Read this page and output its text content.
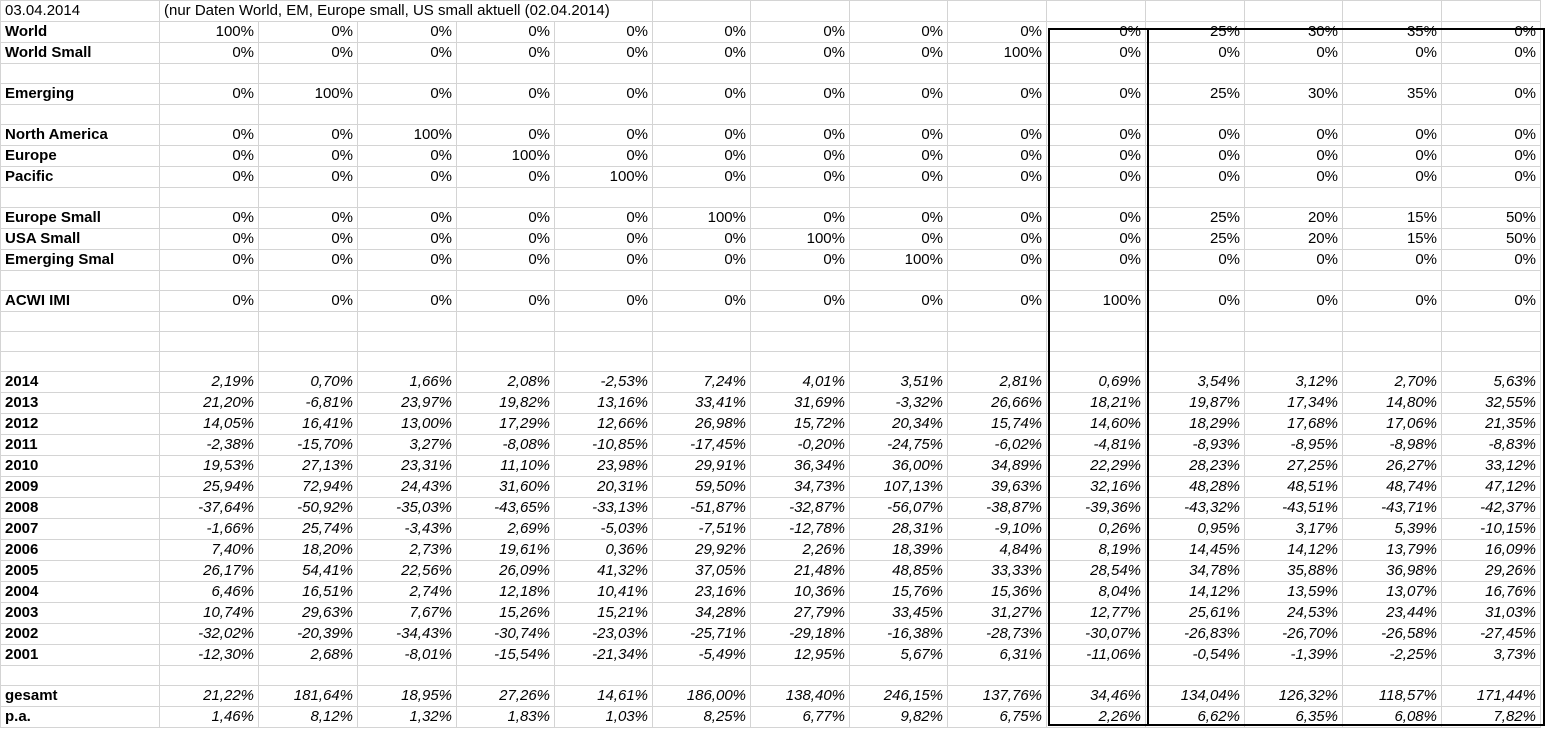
03.04.2014	(nur Daten World, EM, Europe small, US small aktuell (02.04.2014)													
World	100%	0%	0%	0%	0%	0%	0%	0%	0%	0%	25%	30%	35%	0%
World Small	0%	0%	0%	0%	0%	0%	0%	0%	100%	0%	0%	0%	0%	0%

Emerging	0%	100%	0%	0%	0%	0%	0%	0%	0%	0%	25%	30%	35%	0%

North America	0%	0%	100%	0%	0%	0%	0%	0%	0%	0%	0%	0%	0%	0%
Europe	0%	0%	0%	100%	0%	0%	0%	0%	0%	0%	0%	0%	0%	0%
Pacific	0%	0%	0%	0%	100%	0%	0%	0%	0%	0%	0%	0%	0%	0%

Europe Small	0%	0%	0%	0%	0%	100%	0%	0%	0%	0%	25%	20%	15%	50%
USA Small	0%	0%	0%	0%	0%	0%	100%	0%	0%	0%	25%	20%	15%	50%
Emerging Smal	0%	0%	0%	0%	0%	0%	0%	100%	0%	0%	0%	0%	0%	0%

ACWI IMI	0%	0%	0%	0%	0%	0%	0%	0%	0%	100%	0%	0%	0%	0%

2014	2,19%	0,70%	1,66%	2,08%	-2,53%	7,24%	4,01%	3,51%	2,81%	0,69%	3,54%	3,12%	2,70%	5,63%
2013	21,20%	-6,81%	23,97%	19,82%	13,16%	33,41%	31,69%	-3,32%	26,66%	18,21%	19,87%	17,34%	14,80%	32,55%
2012	14,05%	16,41%	13,00%	17,29%	12,66%	26,98%	15,72%	20,34%	15,74%	14,60%	18,29%	17,68%	17,06%	21,35%
2011	-2,38%	-15,70%	3,27%	-8,08%	-10,85%	-17,45%	-0,20%	-24,75%	-6,02%	-4,81%	-8,93%	-8,95%	-8,98%	-8,83%
2010	19,53%	27,13%	23,31%	11,10%	23,98%	29,91%	36,34%	36,00%	34,89%	22,29%	28,23%	27,25%	26,27%	33,12%
2009	25,94%	72,94%	24,43%	31,60%	20,31%	59,50%	34,73%	107,13%	39,63%	32,16%	48,28%	48,51%	48,74%	47,12%
2008	-37,64%	-50,92%	-35,03%	-43,65%	-33,13%	-51,87%	-32,87%	-56,07%	-38,87%	-39,36%	-43,32%	-43,51%	-43,71%	-42,37%
2007	-1,66%	25,74%	-3,43%	2,69%	-5,03%	-7,51%	-12,78%	28,31%	-9,10%	0,26%	0,95%	3,17%	5,39%	-10,15%
2006	7,40%	18,20%	2,73%	19,61%	0,36%	29,92%	2,26%	18,39%	4,84%	8,19%	14,45%	14,12%	13,79%	16,09%
2005	26,17%	54,41%	22,56%	26,09%	41,32%	37,05%	21,48%	48,85%	33,33%	28,54%	34,78%	35,88%	36,98%	29,26%
2004	6,46%	16,51%	2,74%	12,18%	10,41%	23,16%	10,36%	15,76%	15,36%	8,04%	14,12%	13,59%	13,07%	16,76%
2003	10,74%	29,63%	7,67%	15,26%	15,21%	34,28%	27,79%	33,45%	31,27%	12,77%	25,61%	24,53%	23,44%	31,03%
2002	-32,02%	-20,39%	-34,43%	-30,74%	-23,03%	-25,71%	-29,18%	-16,38%	-28,73%	-30,07%	-26,83%	-26,70%	-26,58%	-27,45%
2001	-12,30%	2,68%	-8,01%	-15,54%	-21,34%	-5,49%	12,95%	5,67%	6,31%	-11,06%	-0,54%	-1,39%	-2,25%	3,73%

gesamt	21,22%	181,64%	18,95%	27,26%	14,61%	186,00%	138,40%	246,15%	137,76%	34,46%	134,04%	126,32%	118,57%	171,44%
p.a.	1,46%	8,12%	1,32%	1,83%	1,03%	8,25%	6,77%	9,82%	6,75%	2,26%	6,62%	6,35%	6,08%	7,82%
